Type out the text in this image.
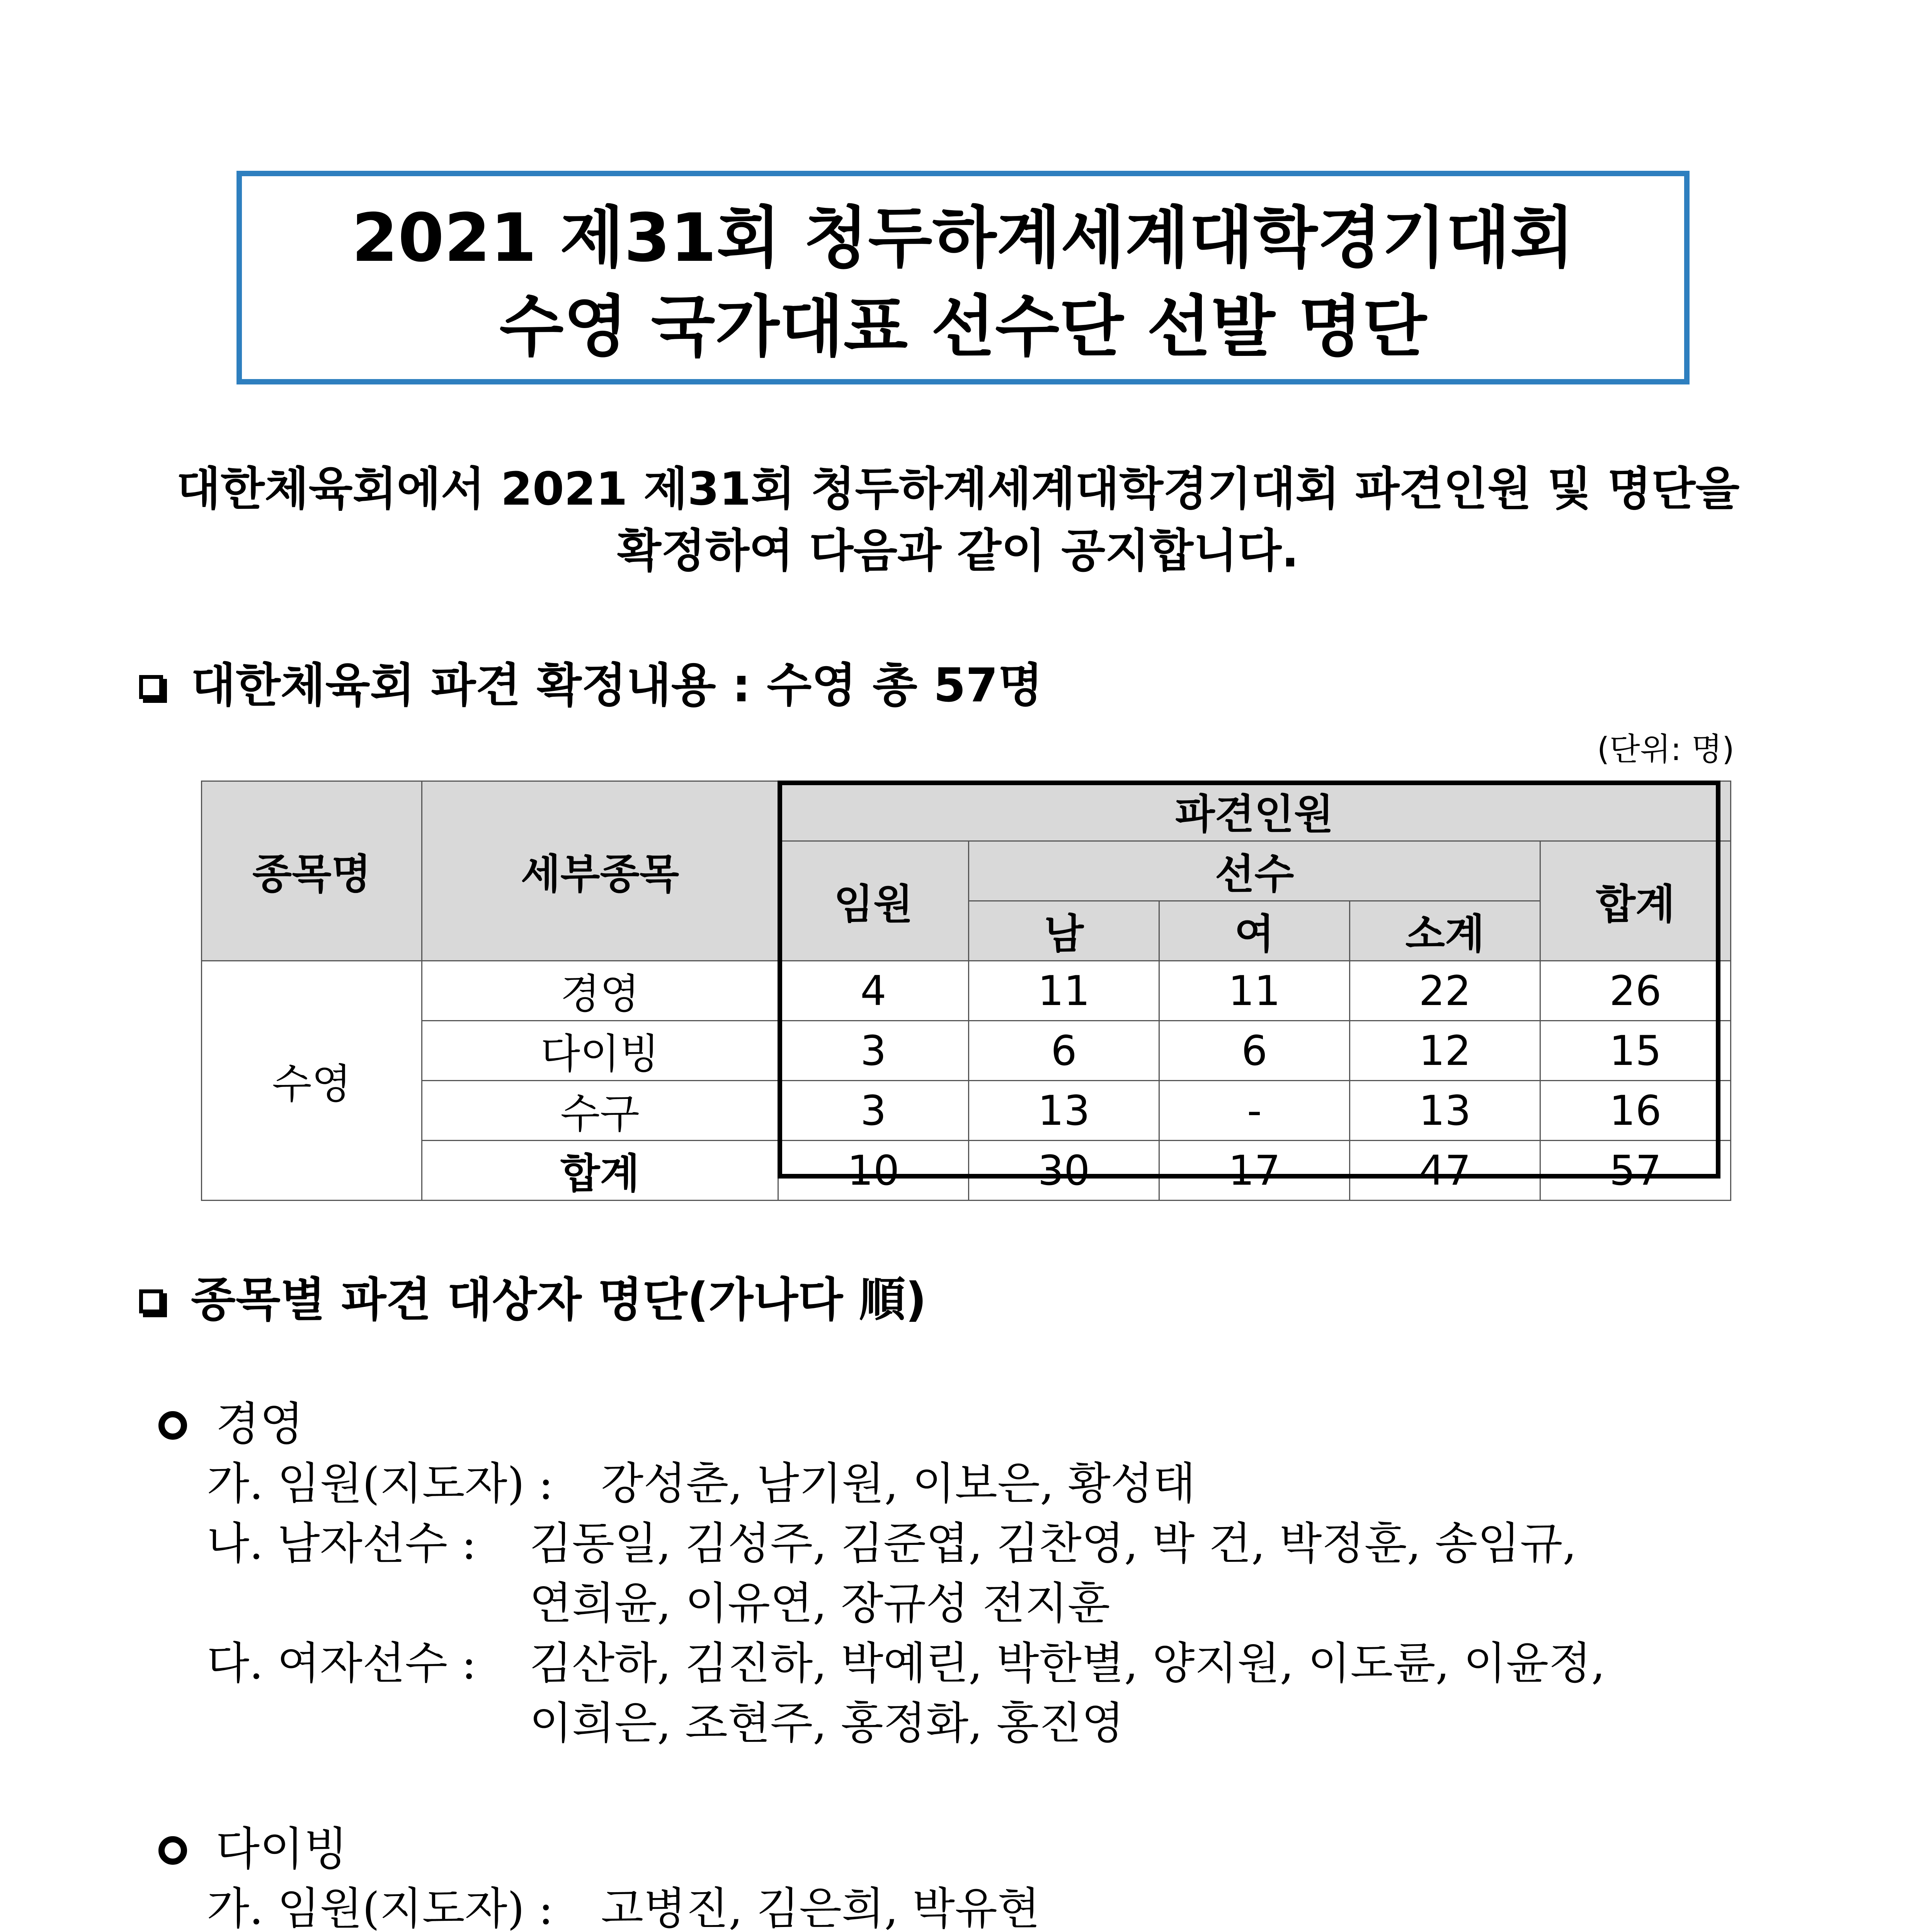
2021 제31회 청두하계세계대학경기대회
수영 국가대표 선수단 선발 명단
대한체육회에서 2021 제31회 청두하계세계대학경기대회 파견인원 및 명단을
확정하여 다음과 같이 공지합니다.
대한체육회 파견 확정내용 : 수영 총 57명
(단위: 명)
종목명	세부종목	파견인원				
		임원	선수			합계
			남	여	소계	
수영	경영	4	11	11	22	26
	다이빙	3	6	6	12	15
	수구	3	13	-	13	16
	합계	10	30	17	47	57
종목별 파견 대상자 명단(가나다 順)
경영
가. 임원(지도자) : 강성춘, 남기원, 이보은, 황성태
나. 남자선수 : 김동일, 김성주, 김준엽, 김찬영, 박 건, 박정훈, 송임규,
연희윤, 이유연, 장규성 전지훈
다. 여자선수 : 김산하, 김진하, 박예린, 박한별, 양지원, 이도륜, 이윤정,
이희은, 조현주, 홍정화, 홍진영
다이빙
가. 임원(지도자) : 고병진, 김은희, 박유현
